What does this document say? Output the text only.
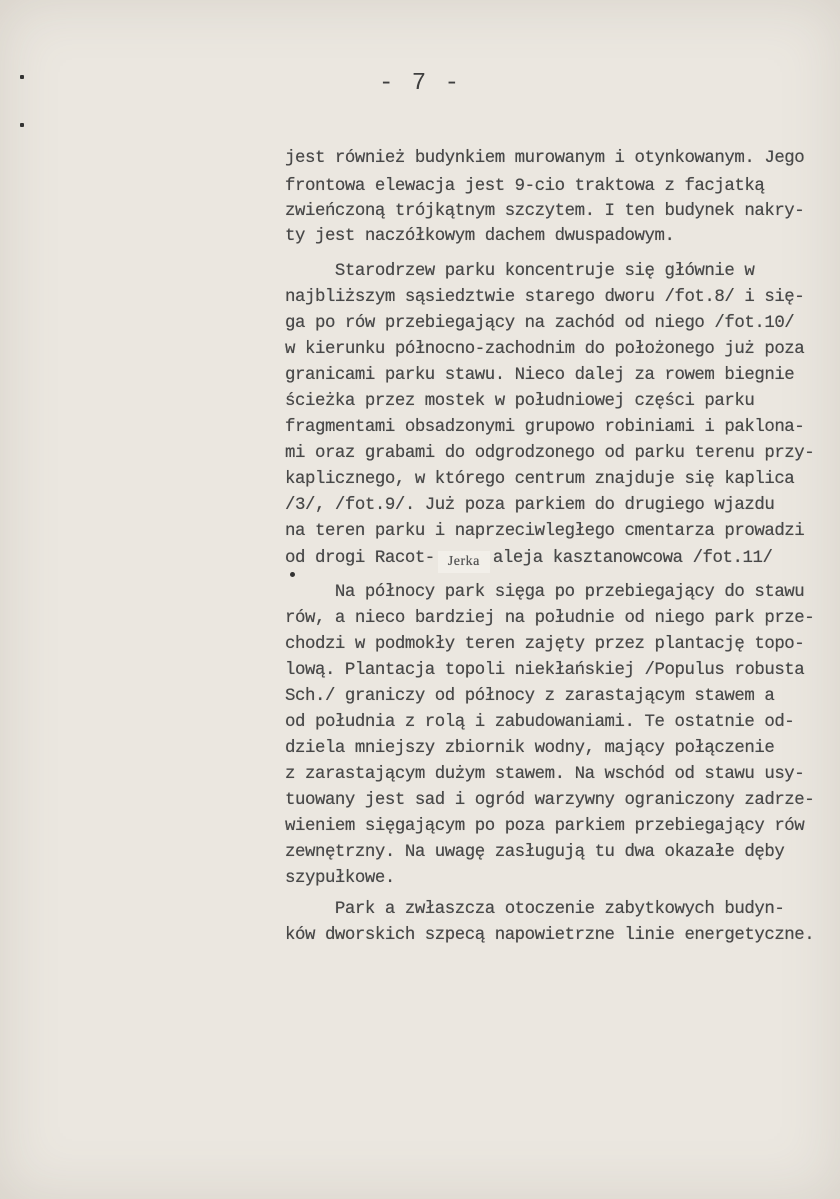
- 7 -
jest również budynkiem murowanym i otynkowanym. Jego
frontowa elewacja jest 9-cio traktowa z facjatką
zwieńczoną trójkątnym szczytem. I ten budynek nakry-
ty jest naczółkowym dachem dwuspadowym.
Starodrzew parku koncentruje się głównie w
najbliższym sąsiedztwie starego dworu /fot.8/ i się-
ga po rów przebiegający na zachód od niego /fot.10/
w kierunku północno-zachodnim do położonego już poza
granicami parku stawu. Nieco dalej za rowem biegnie
ścieżka przez mostek w południowej części parku
fragmentami obsadzonymi grupowo robiniami i paklona-
mi oraz grabami do odgrodzonego od parku terenu przy-
kaplicznego, w którego centrum znajduje się kaplica
/3/, /fot.9/. Już poza parkiem do drugiego wjazdu
na teren parku i naprzeciwległego cmentarza prowadzi
od drogi Racot- Jerka aleja kasztanowcowa /fot.11/
Na północy park sięga po przebiegający do stawu
rów, a nieco bardziej na południe od niego park prze-
chodzi w podmokły teren zajęty przez plantację topo-
lową. Plantacja topoli niekłańskiej /Populus robusta
Sch./ graniczy od północy z zarastającym stawem a
od południa z rolą i zabudowaniami. Te ostatnie od-
dziela mniejszy zbiornik wodny, mający połączenie
z zarastającym dużym stawem. Na wschód od stawu usy-
tuowany jest sad i ogród warzywny ograniczony zadrze-
wieniem sięgającym po poza parkiem przebiegający rów
zewnętrzny. Na uwagę zasługują tu dwa okazałe dęby
szypułkowe.
Park a zwłaszcza otoczenie zabytkowych budyn-
ków dworskich szpecą napowietrzne linie energetyczne.
